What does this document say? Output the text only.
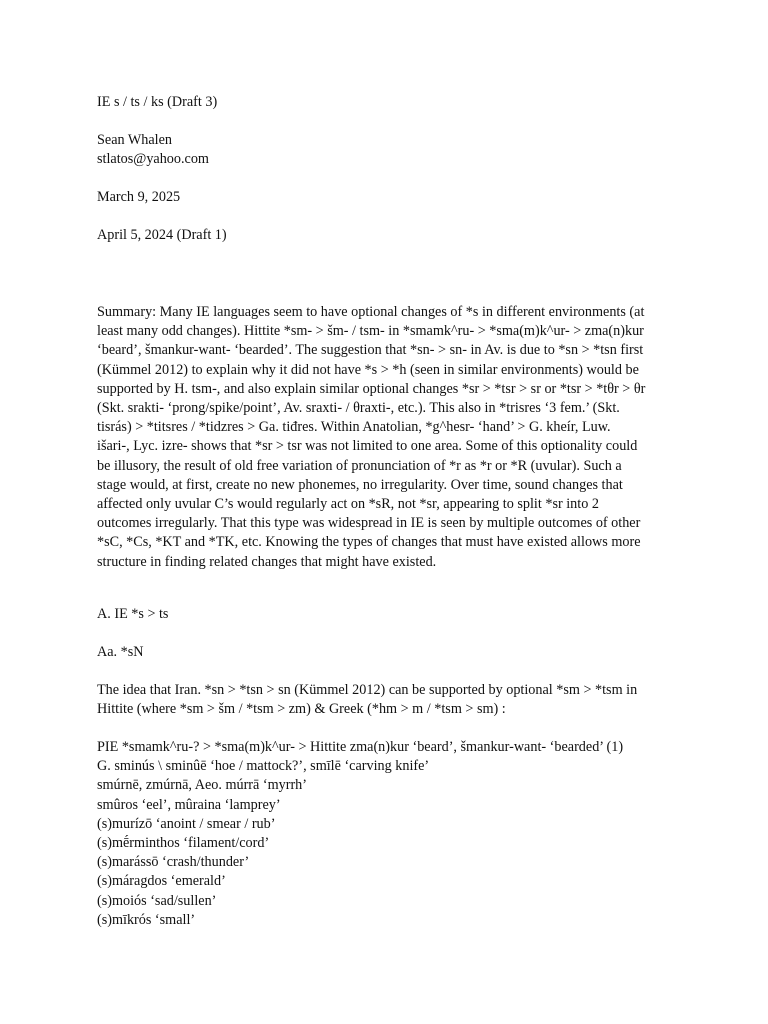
IE s / ts / ks (Draft 3)
Sean Whalen
stlatos@yahoo.com
March 9, 2025
April 5, 2024 (Draft 1)
Summary: Many IE languages seem to have optional changes of *s in different environments (at
least many odd changes). Hittite *sm- > šm- / tsm- in *smamk^ru- > *sma(m)k^ur- > zma(n)kur
‘beard’, šmankur-want- ‘bearded’. The suggestion that *sn- > sn- in Av. is due to *sn > *tsn first
(Kümmel 2012) to explain why it did not have *s > *h (seen in similar environments) would be
supported by H. tsm-, and also explain similar optional changes *sr > *tsr > sr or *tsr > *tθr > θr
(Skt. srakti- ‘prong/spike/point’, Av. sraxti- / θraxti-, etc.). This also in *trisres ‘3 fem.’ (Skt.
tisrás) > *titsres / *tidzres > Ga. tiđres. Within Anatolian, *g^hesr- ‘hand’ > G. kheír, Luw.
išari-, Lyc. izre- shows that *sr > tsr was not limited to one area. Some of this optionality could
be illusory, the result of old free variation of pronunciation of *r as *r or *R (uvular). Such a
stage would, at first, create no new phonemes, no irregularity. Over time, sound changes that
affected only uvular C’s would regularly act on *sR, not *sr, appearing to split *sr into 2
outcomes irregularly. That this type was widespread in IE is seen by multiple outcomes of other
*sC, *Cs, *KT and *TK, etc. Knowing the types of changes that must have existed allows more
structure in finding related changes that might have existed.
A. IE *s > ts
Aa. *sN
The idea that Iran. *sn > *tsn > sn (Kümmel 2012) can be supported by optional *sm > *tsm in
Hittite (where *sm > šm / *tsm > zm) & Greek (*hm > m / *tsm > sm) :
PIE *smamk^ru-? > *sma(m)k^ur- > Hittite zma(n)kur ‘beard’, šmankur-want- ‘bearded’ (1)
G. sminús \ sminûē ‘hoe / mattock?’, smīlē ‘carving knife’
smúrnē, zmúrnā, Aeo. múrrā ‘myrrh’
smûros ‘eel’, mûraina ‘lamprey’
(s)murízō ‘anoint / smear / rub’
(s)mḗrminthos ‘filament/cord’
(s)marássō ‘crash/thunder’
(s)máragdos ‘emerald’
(s)moiós ‘sad/sullen’
(s)mīkrós ‘small’
